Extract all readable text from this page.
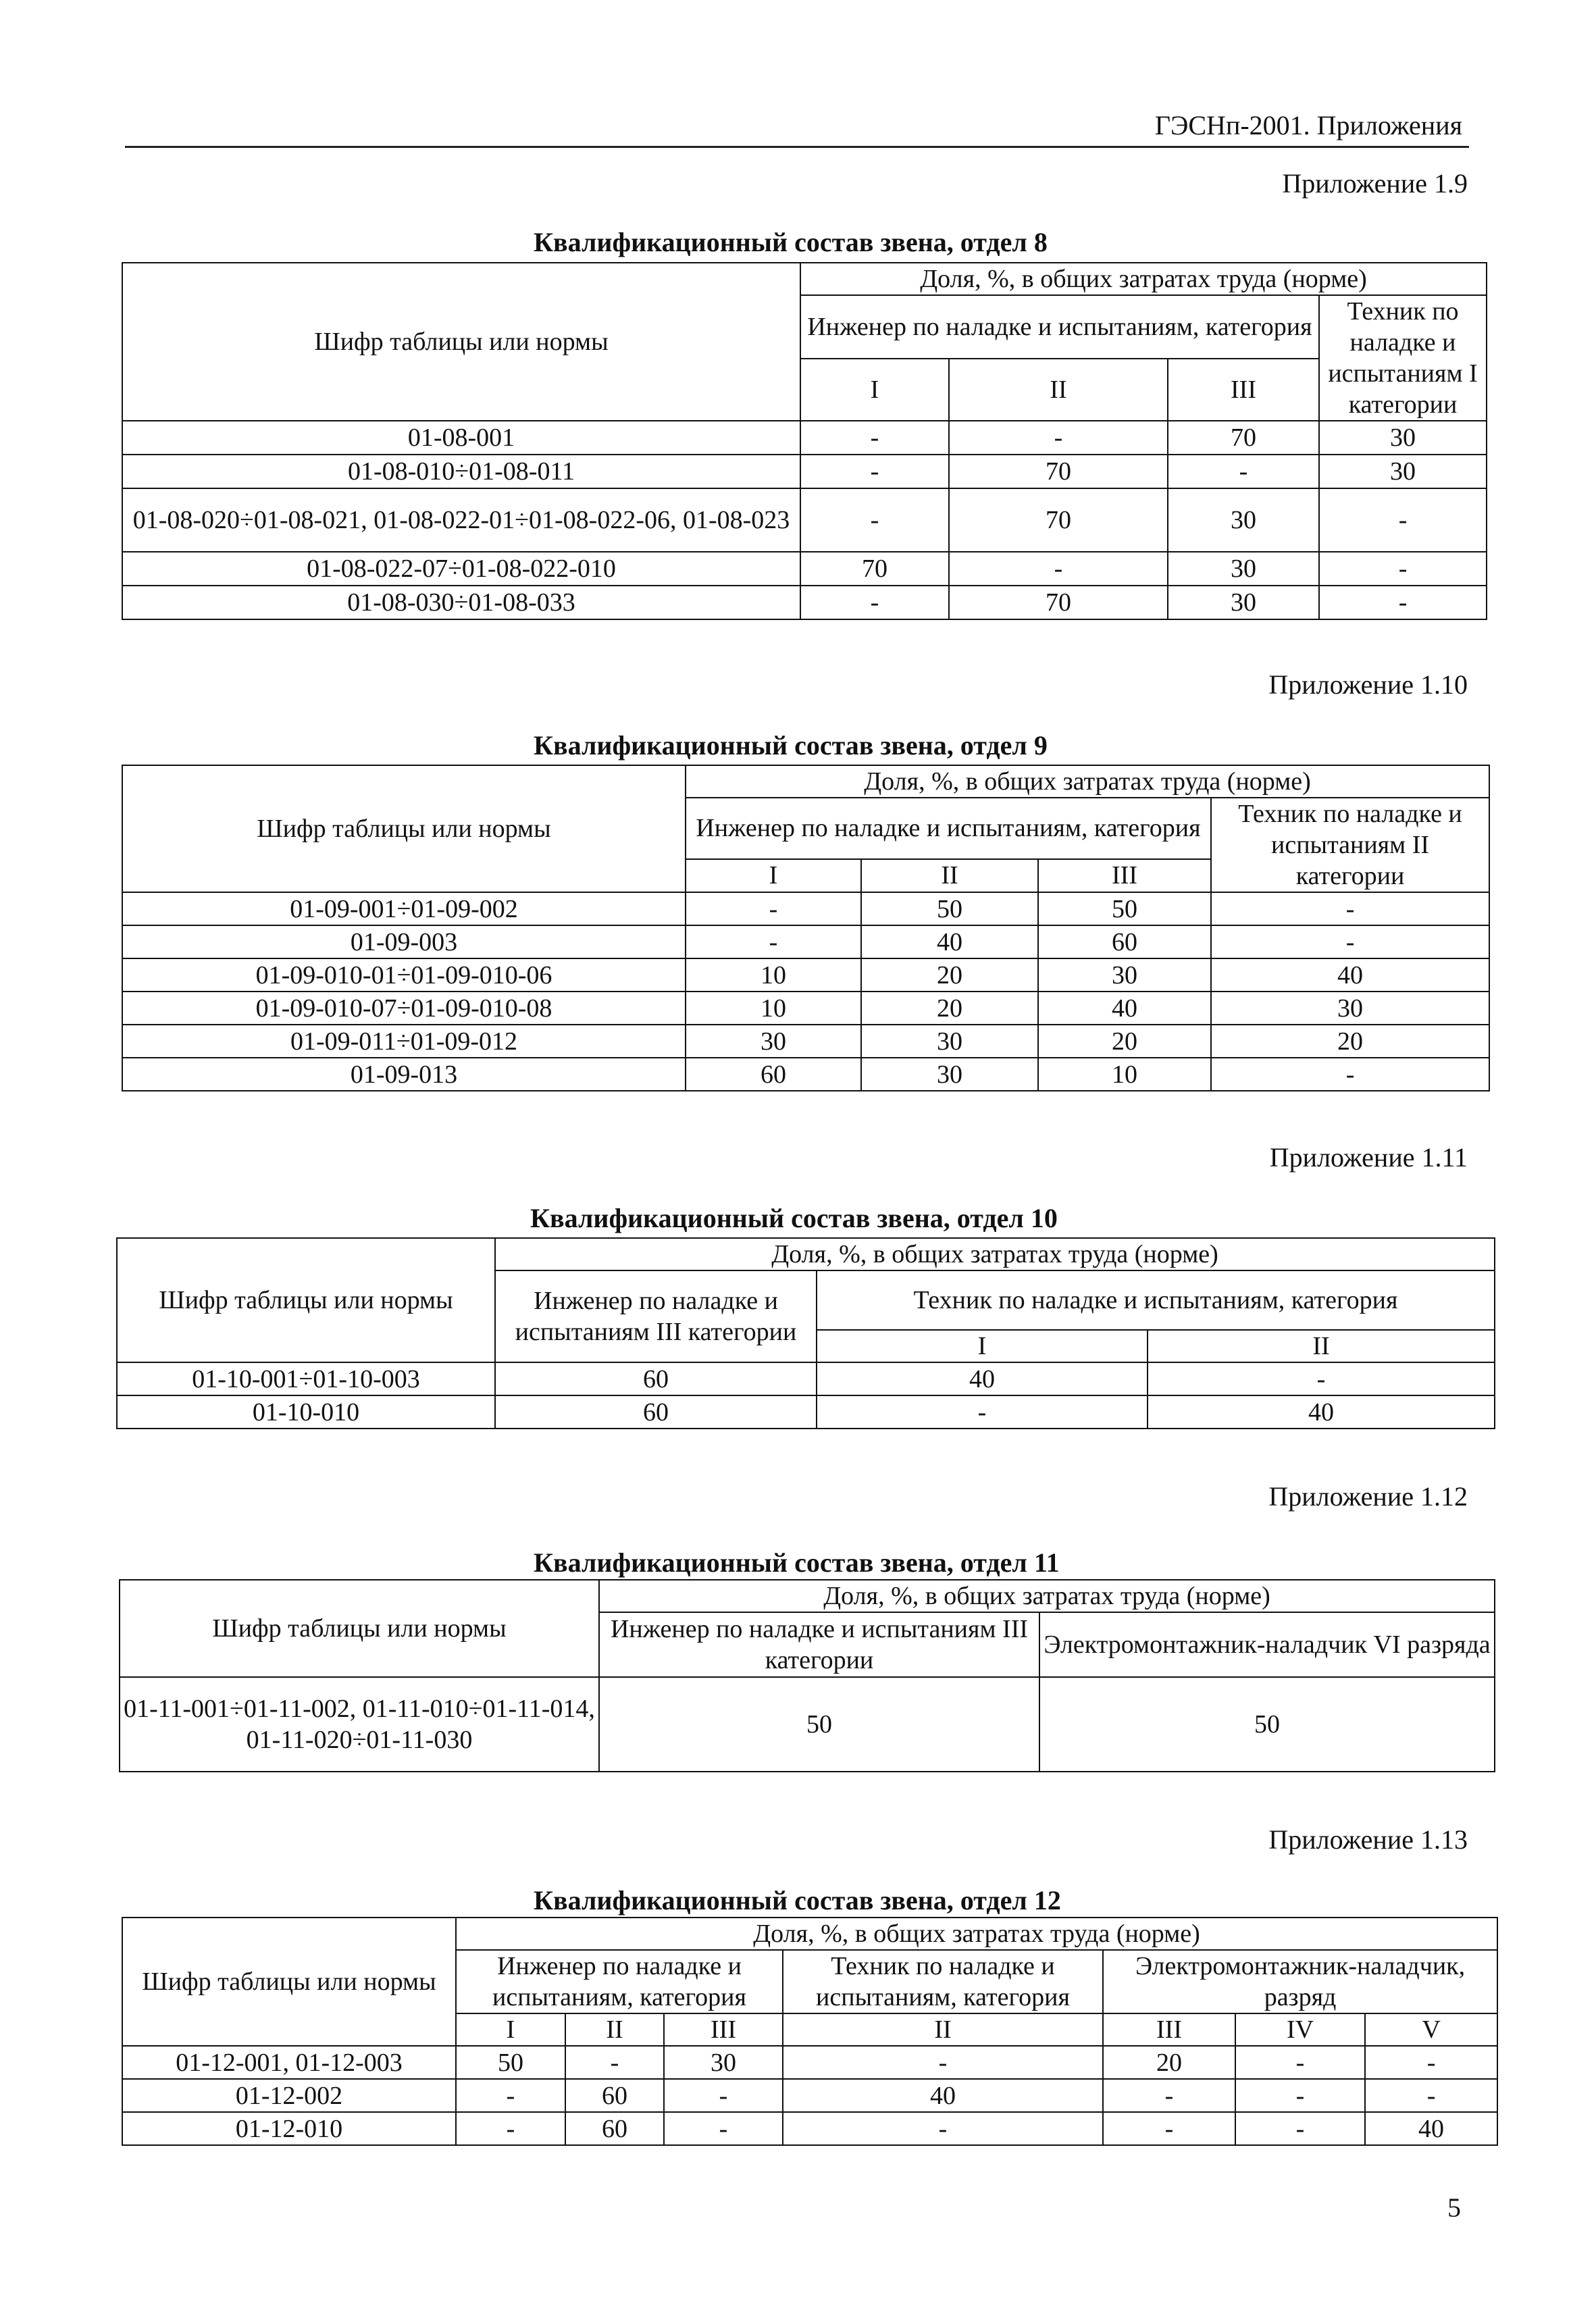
ГЭСНп-2001. Приложения
Приложение 1.9
Квалификационный состав звена, отдел 8
Шифр таблицы или нормы	Доля, %, в общих затратах труда (норме)			
	Инженер по наладке и испытаниям, категория			Техник по наладке и испытаниям I категории
	I	II	III	
01-08-001	-	-	70	30
01-08-010÷01-08-011	-	70	-	30
01-08-020÷01-08-021, 01-08-022-01÷01-08-022-06, 01-08-023	-	70	30	-
01-08-022-07÷01-08-022-010	70	-	30	-
01-08-030÷01-08-033	-	70	30	-
Приложение 1.10
Квалификационный состав звена, отдел 9
Шифр таблицы или нормы	Доля, %, в общих затратах труда (норме)			
	Инженер по наладке и испытаниям, категория			Техник по наладке и испытаниям II категории
	I	II	III	
01-09-001÷01-09-002	-	50	50	-
01-09-003	-	40	60	-
01-09-010-01÷01-09-010-06	10	20	30	40
01-09-010-07÷01-09-010-08	10	20	40	30
01-09-011÷01-09-012	30	30	20	20
01-09-013	60	30	10	-
Приложение 1.11
Квалификационный состав звена, отдел 10
Шифр таблицы или нормы	Доля, %, в общих затратах труда (норме)		
	Инженер по наладке и испытаниям III категории	Техник по наладке и испытаниям, категория	
		I	II
01-10-001÷01-10-003	60	40	-
01-10-010	60	-	40
Приложение 1.12
Квалификационный состав звена, отдел 11
Шифр таблицы или нормы	Доля, %, в общих затратах труда (норме)	
	Инженер по наладке и испытаниям III категории	Электромонтажник-наладчик VI разряда
01-11-001÷01-11-002, 01-11-010÷01-11-014, 01-11-020÷01-11-030	50	50
Приложение 1.13
Квалификационный состав звена, отдел 12
Шифр таблицы или нормы	Доля, %, в общих затратах труда (норме)						
	Инженер по наладке и испытаниям, категория			Техник по наладке и испытаниям, категория	Электромонтажник-наладчик, разряд		
	I	II	III	II	III	IV	V
01-12-001, 01-12-003	50	-	30	-	20	-	-
01-12-002	-	60	-	40	-	-	-
01-12-010	-	60	-	-	-	-	40
5
